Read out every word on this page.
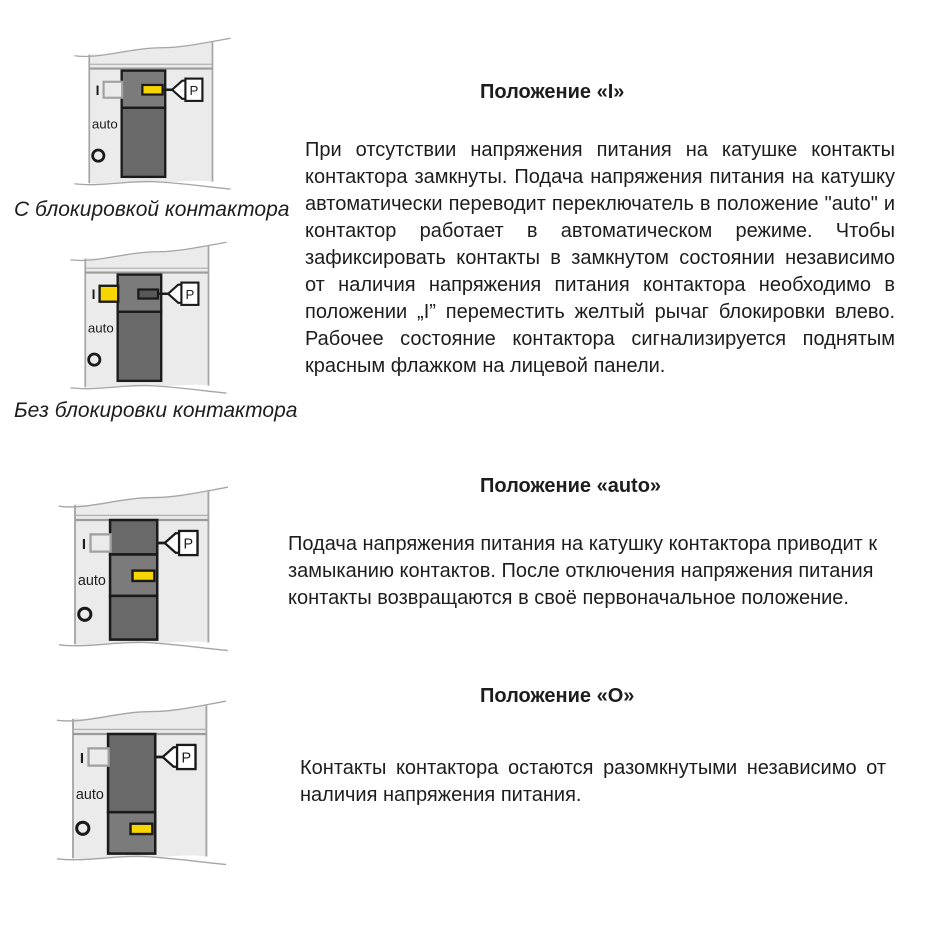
P
I
auto
С блокировкой контактора
P
I
auto
Без блокировки контактора
P
I
auto
P
I
auto
Положение «I»

При отсутствии напряжения питания на катушке контакты контактора замкнуты. Подача напряжения питания на катушку автоматически переводит переключатель в положение "auto" и контактор работает в автоматическом режиме. Чтобы зафиксировать контакты в замкнутом состоянии независимо от наличия напряжения питания контактора необходимо в положении „I” переместить желтый рычаг блокировки влево. Рабочее состояние контактора сигнализируется поднятым красным флажком на лицевой панели.

Положение «auto»

Подача напряжения питания на катушку контактора приводит к замыканию контактов. После отключения напряжения питания контакты возвращаются в своё первоначальное положение.

Положение «О»

Контакты контактора остаются разомкнутыми независимо от наличия напряжения питания.
